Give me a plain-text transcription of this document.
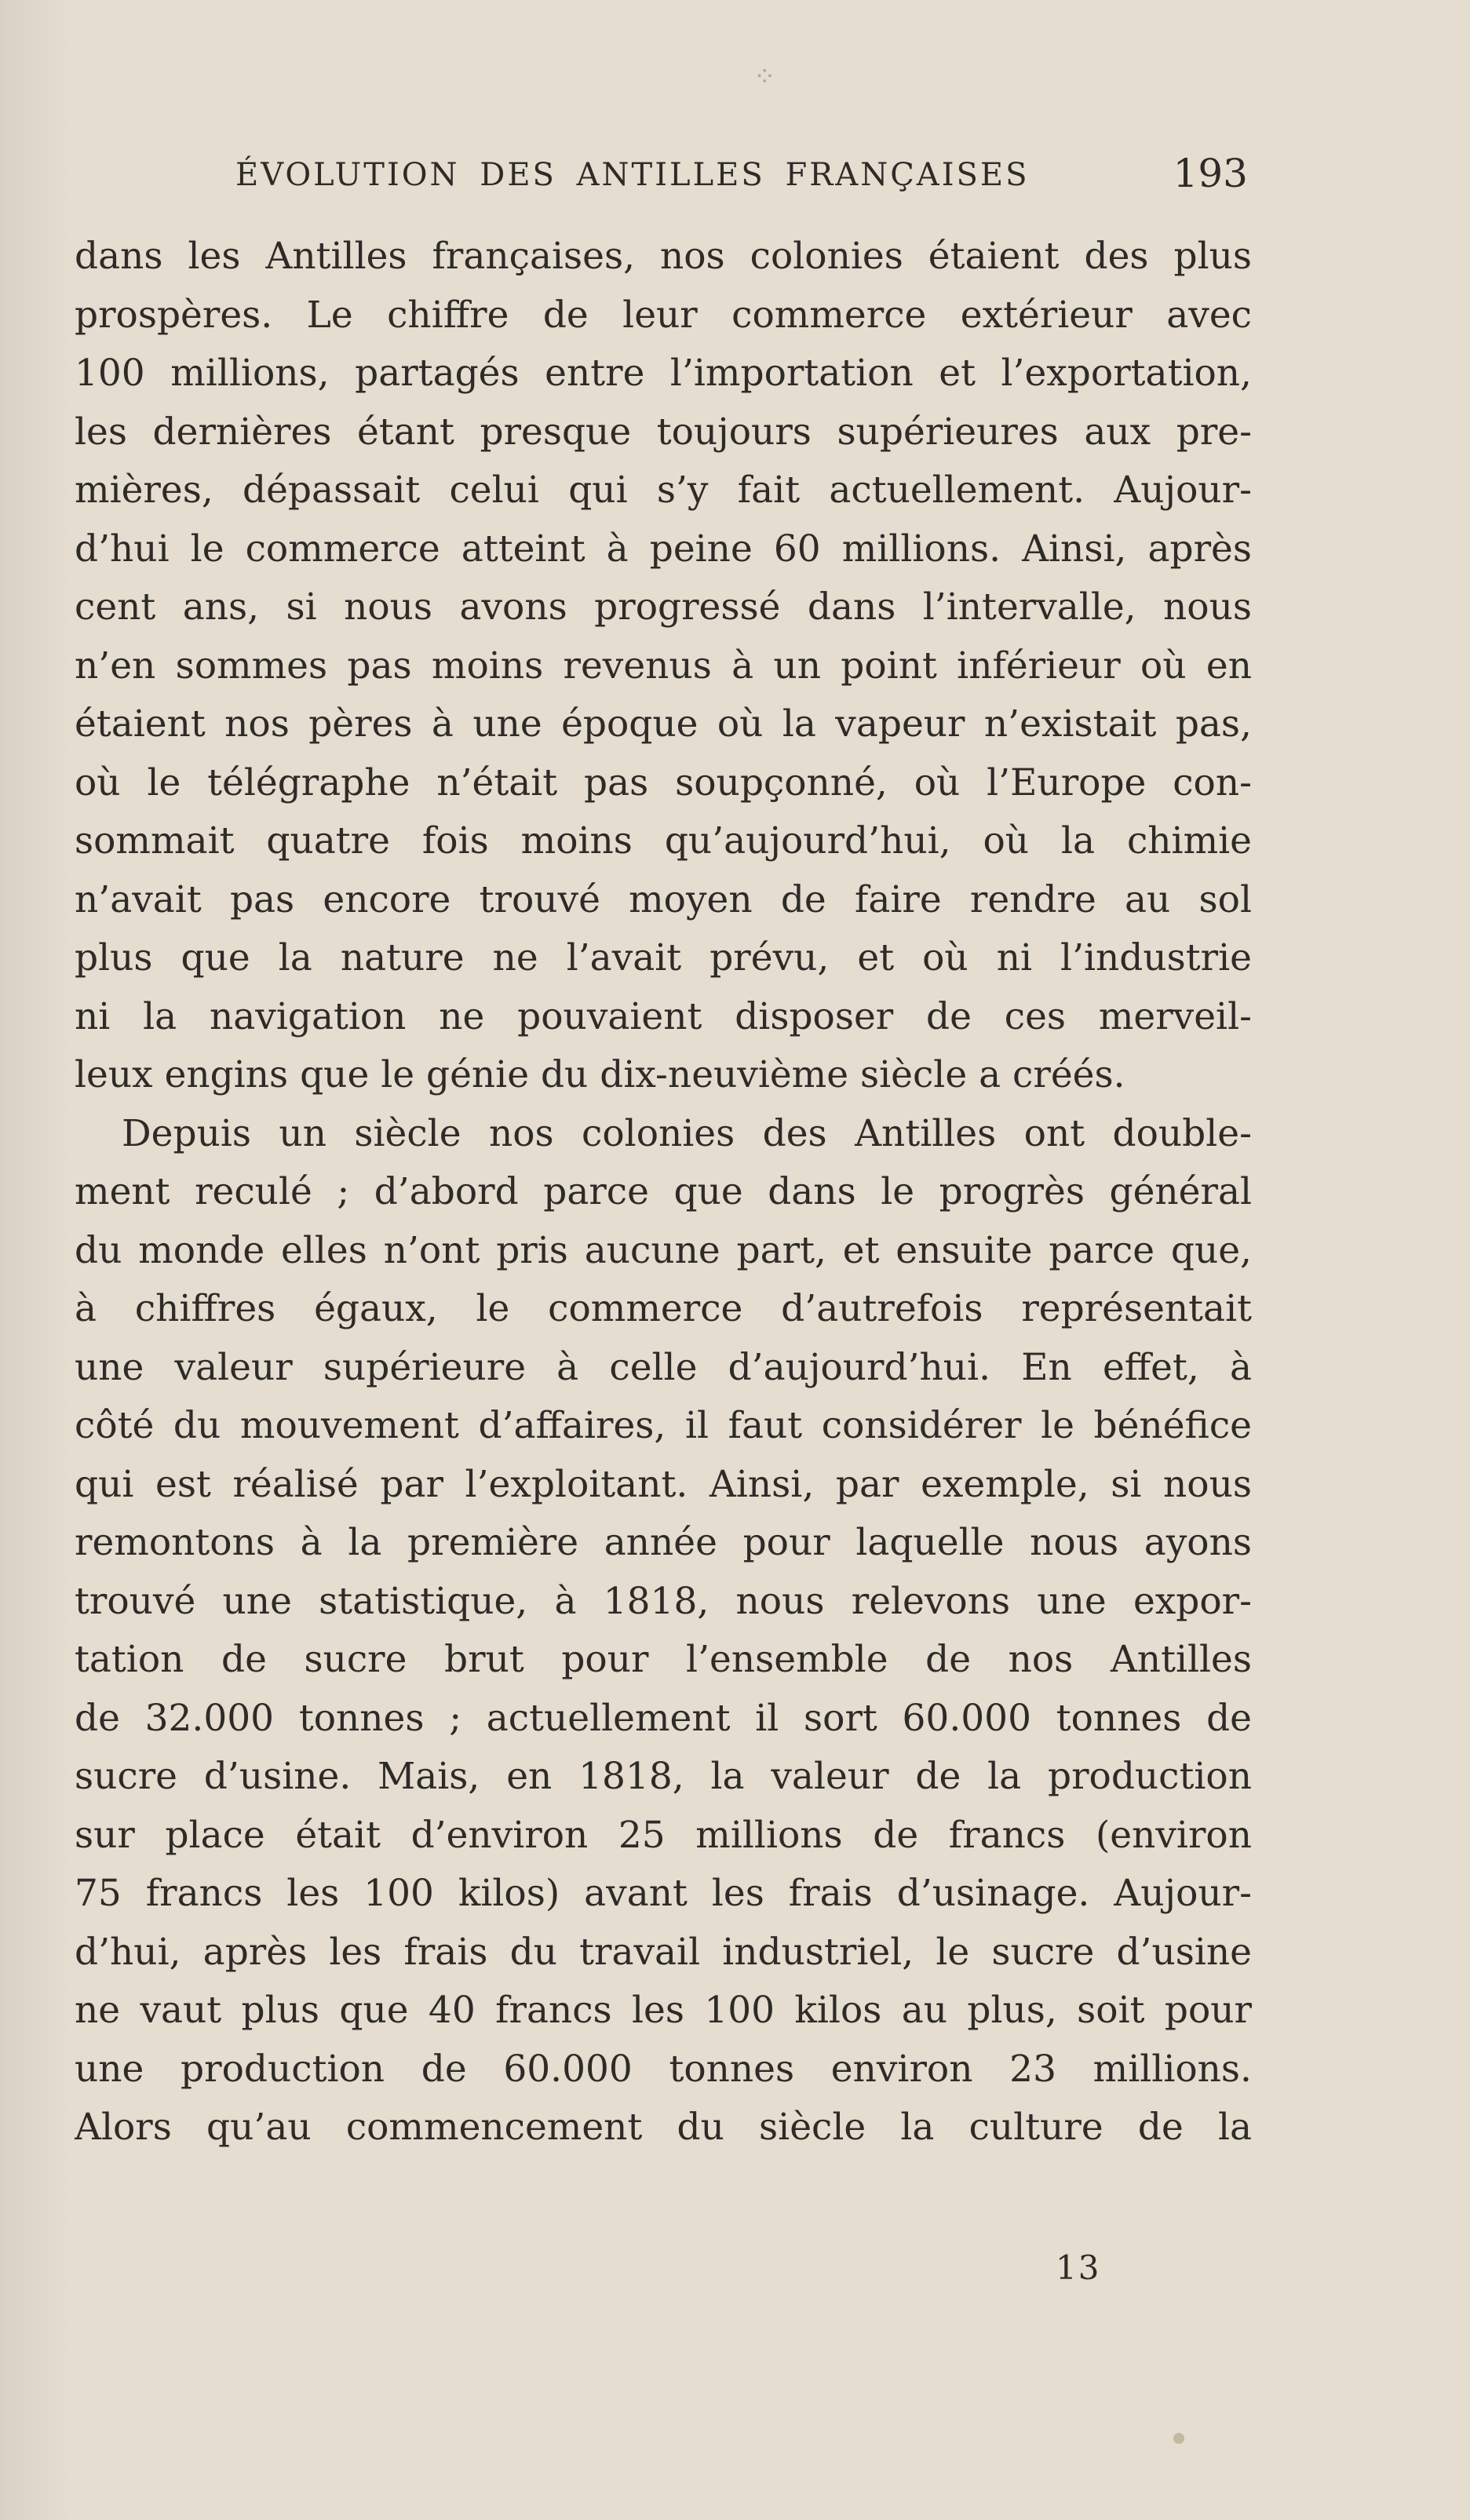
⁘
ÉVOLUTION DES ANTILLES FRANÇAISES	193
dans les Antilles françaises, nos colonies étaient des plus
prospères. Le chiffre de leur commerce extérieur avec
100 millions, partagés entre l’importation et l’exportation,
les dernières étant presque toujours supérieures aux pre-
mières, dépassait celui qui s’y fait actuellement. Aujour-
d’hui le commerce atteint à peine 60 millions. Ainsi, après
cent ans, si nous avons progressé dans l’intervalle, nous
n’en sommes pas moins revenus à un point inférieur où en
étaient nos pères à une époque où la vapeur n’existait pas,
où le télégraphe n’était pas soupçonné, où l’Europe con-
sommait quatre fois moins qu’aujourd’hui, où la chimie
n’avait pas encore trouvé moyen de faire rendre au sol
plus que la nature ne l’avait prévu, et où ni l’industrie
ni la navigation ne pouvaient disposer de ces merveil-
leux engins que le génie du dix-neuvième siècle a créés.
Depuis un siècle nos colonies des Antilles ont double-
ment reculé ; d’abord parce que dans le progrès général
du monde elles n’ont pris aucune part, et ensuite parce que,
à chiffres égaux, le commerce d’autrefois représentait
une valeur supérieure à celle d’aujourd’hui. En effet, à
côté du mouvement d’affaires, il faut considérer le bénéfice
qui est réalisé par l’exploitant. Ainsi, par exemple, si nous
remontons à la première année pour laquelle nous ayons
trouvé une statistique, à 1818, nous relevons une expor-
tation de sucre brut pour l’ensemble de nos Antilles
de 32.000 tonnes ; actuellement il sort 60.000 tonnes de
sucre d’usine. Mais, en 1818, la valeur de la production
sur place était d’environ 25 millions de francs (environ
75 francs les 100 kilos) avant les frais d’usinage. Aujour-
d’hui, après les frais du travail industriel, le sucre d’usine
ne vaut plus que 40 francs les 100 kilos au plus, soit pour
une production de 60.000 tonnes environ 23 millions.
Alors qu’au commencement du siècle la culture de la
13
